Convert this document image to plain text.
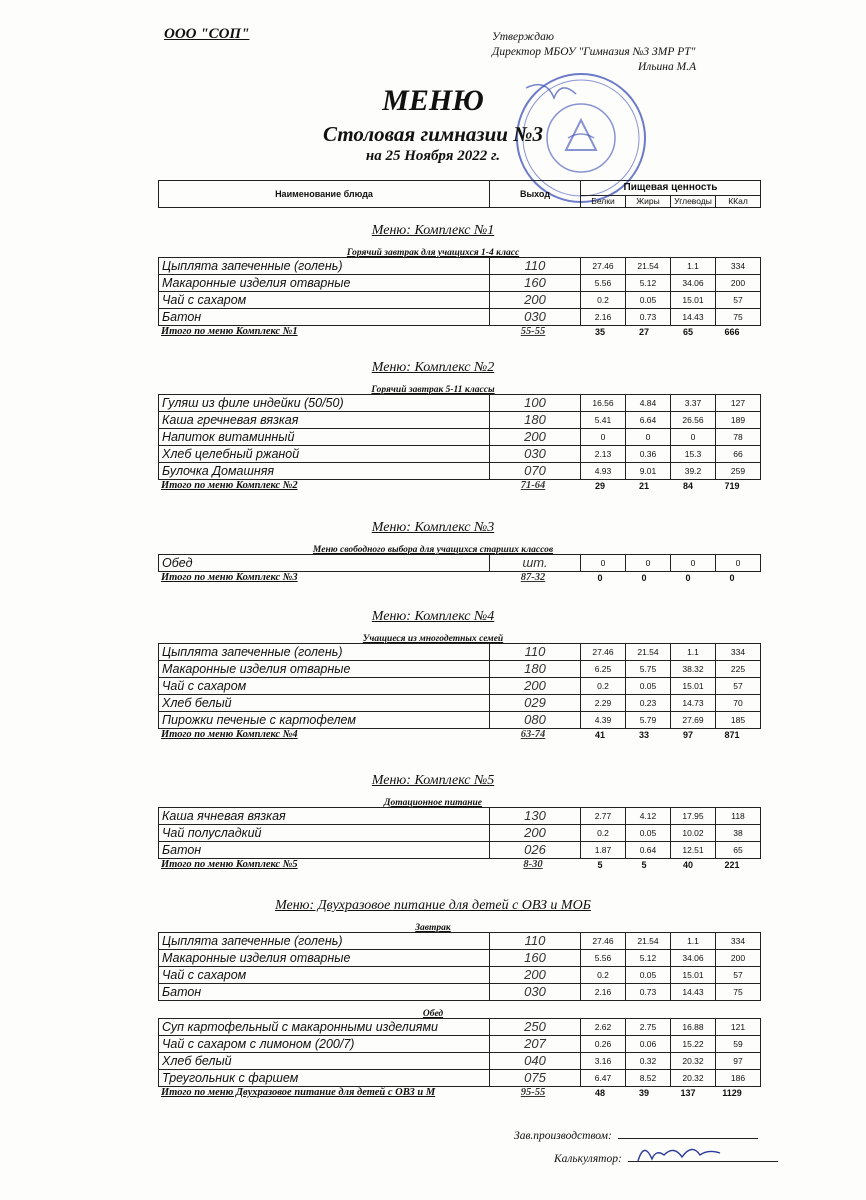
ООО "СОП"	Утверждаю
Директор МБОУ "Гимназия №3 ЗМР РТ"
Ильина М.А
МЕНЮ
Столовая гимназии №3
на 25 Ноября 2022 г.
Наименование блюда	Выход	Пищевая ценность			
		Белки	Жиры	Углеводы	ККал
Меню: Комплекс №1
Горячий завтрак для учащихся 1-4 класс
Цыплята запеченные (голень)	110	27.46	21.54	1.1	334
Макаронные изделия отварные	160	5.56	5.12	34.06	200
Чай с сахаром	200	0.2	0.05	15.01	57
Батон	030	2.16	0.73	14.43	75
Итого по меню Комплекс №1	55-55	35	27	65	666
Меню: Комплекс №2
Горячий завтрак 5-11 классы
Гуляш из филе индейки (50/50)	100	16.56	4.84	3.37	127
Каша гречневая вязкая	180	5.41	6.64	26.56	189
Напиток витаминный	200	0	0	0	78
Хлеб целебный ржаной	030	2.13	0.36	15.3	66
Булочка Домашняя	070	4.93	9.01	39.2	259
Итого по меню Комплекс №2	71-64	29	21	84	719
Меню: Комплекс №3
Меню свободного выбора для учащихся старших классов
Обед	шт.	0	0	0	0
Итого по меню Комплекс №3	87-32	0	0	0	0
Меню: Комплекс №4
Учащиеся из многодетных семей
Цыплята запеченные (голень)	110	27.46	21.54	1.1	334
Макаронные изделия отварные	180	6.25	5.75	38.32	225
Чай с сахаром	200	0.2	0.05	15.01	57
Хлеб белый	029	2.29	0.23	14.73	70
Пирожки печеные с картофелем	080	4.39	5.79	27.69	185
Итого по меню Комплекс №4	63-74	41	33	97	871
Меню: Комплекс №5
Дотационное питание
Каша ячневая вязкая	130	2.77	4.12	17.95	118
Чай полусладкий	200	0.2	0.05	10.02	38
Батон	026	1.87	0.64	12.51	65
Итого по меню Комплекс №5	8-30	5	5	40	221
Меню: Двухразовое питание для детей с ОВЗ и МОБ
Завтрак
Цыплята запеченные (голень)	110	27.46	21.54	1.1	334
Макаронные изделия отварные	160	5.56	5.12	34.06	200
Чай с сахаром	200	0.2	0.05	15.01	57
Батон	030	2.16	0.73	14.43	75
Обед
Суп картофельный с макаронными изделиями	250	2.62	2.75	16.88	121
Чай с сахаром с лимоном (200/7)	207	0.26	0.06	15.22	59
Хлеб белый	040	3.16	0.32	20.32	97
Треугольник с фаршем	075	6.47	8.52	20.32	186
Итого по меню Двухразовое питание для детей с ОВЗ и М	95-55	48	39	137	1129
Зав.производством:
Калькулятор:
